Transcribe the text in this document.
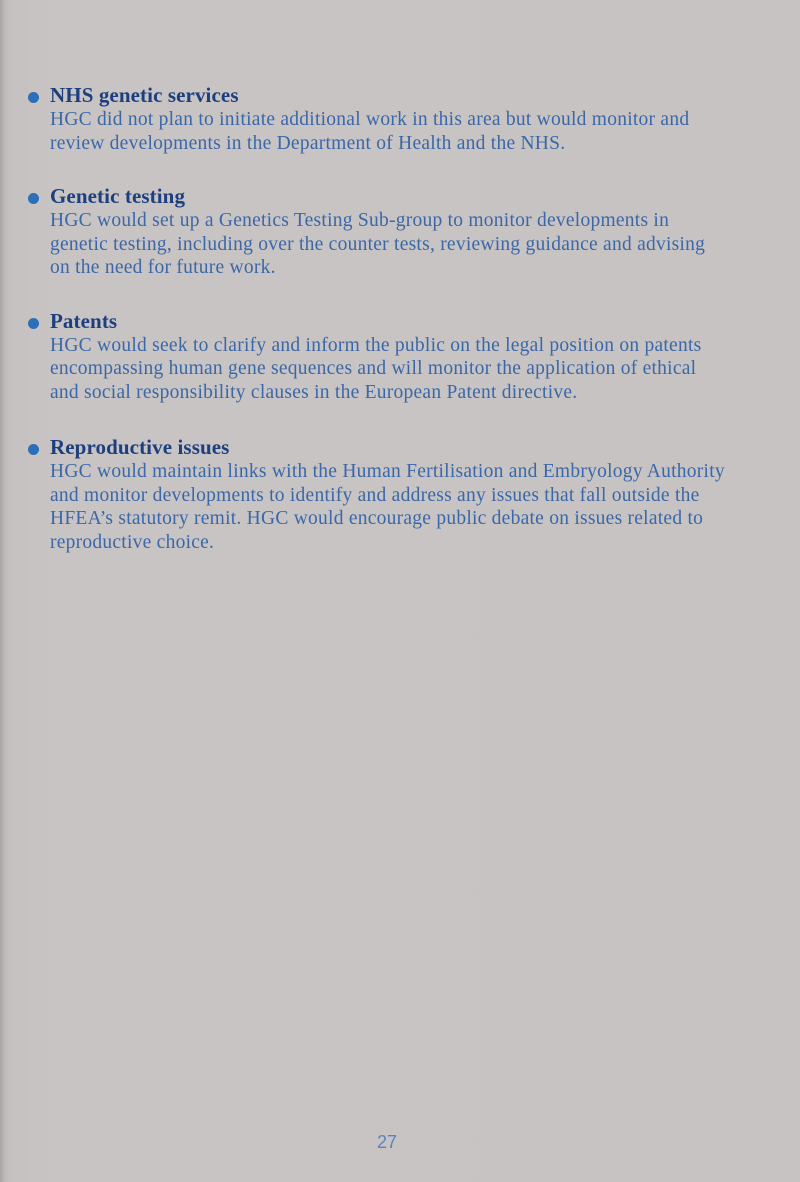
NHS genetic services

HGC did not plan to initiate additional work in this area but would monitor and review developments in the Department of Health and the NHS.

Genetic testing

HGC would set up a Genetics Testing Sub-group to monitor developments in genetic testing, including over the counter tests, reviewing guidance and advising on the need for future work.

Patents

HGC would seek to clarify and inform the public on the legal position on patents encompassing human gene sequences and will monitor the application of ethical and social responsibility clauses in the European Patent directive.

Reproductive issues

HGC would maintain links with the Human Fertilisation and Embryology Authority and monitor developments to identify and address any issues that fall outside the HFEA’s statutory remit. HGC would encourage public debate on issues related to reproductive choice.

27
